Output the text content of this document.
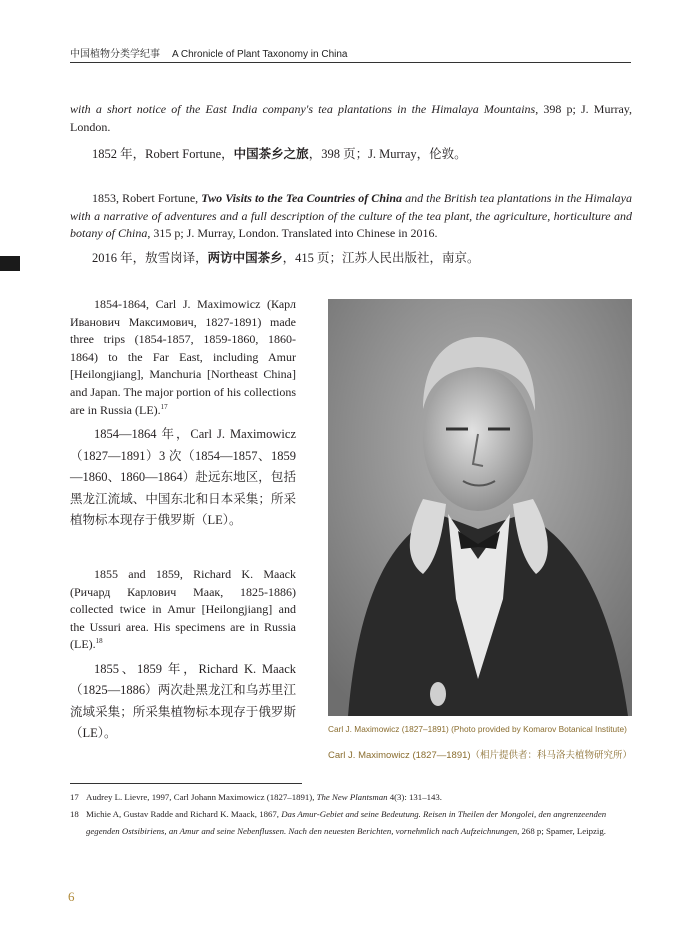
中国植物分类学纪事 A Chronicle of Plant Taxonomy in China
with a short notice of the East India company's tea plantations in the Himalaya Mountains, 398 p; J. Murray, London.
1852 年，Robert Fortune，中国茶乡之旅，398 页；J. Murray，伦敦。
1853, Robert Fortune, Two Visits to the Tea Countries of China and the British tea plantations in the Himalaya with a narrative of adventures and a full description of the culture of the tea plant, the agriculture, horticulture and botany of China, 315 p; J. Murray, London. Translated into Chinese in 2016.
2016 年，敖雪岗译，两访中国茶乡，415 页；江苏人民出版社，南京。

1854-1864, Carl J. Maximowicz (Карл Иванович Максимович, 1827-1891) made three trips (1854-1857, 1859-1860, 1860-1864) to the Far East, including Amur [Heilongjiang], Manchuria [Northeast China] and Japan. The major portion of his collections are in Russia (LE).$^{17}$

1854—1864 年，Carl J. Maximowicz（1827—1891）3 次（1854—1857、1859—1860、1860—1864）赴远东地区，包括黑龙江流域、中国东北和日本采集；所采植物标本现存于俄罗斯（LE）。

1855 and 1859, Richard K. Maack (Ричард Карлович Маак, 1825-1886) collected twice in Amur [Heilongjiang] and the Ussuri area. His specimens are in Russia (LE).$^{18}$

1855、1859 年，Richard K. Maack（1825—1886）两次赴黑龙江和乌苏里江流域采集；所采集植物标本现存于俄罗斯（LE）。	Carl J. Maximowicz (1827–1891) (Photo provided by Komarov Botanical Institute)
Carl J. Maximowicz (1827—1891)（相片提供者：科马洛夫植物研究所）
17 Audrey L. Lievre, 1997, Carl Johann Maximowicz (1827–1891), The New Plantsman 4(3): 131–143.
18 Michie A, Gustav Radde and Richard K. Maack, 1867, Das Amur-Gebiet and seine Bedeutung. Reisen in Theilen der Mongolei, den angrenzeenden gegenden Ostsibiriens, an Amur and seine Nebenflussen. Nach den neuesten Berichten, vornehmlich nach Aufzeichnungen, 268 p; Spamer, Leipzig.
6
